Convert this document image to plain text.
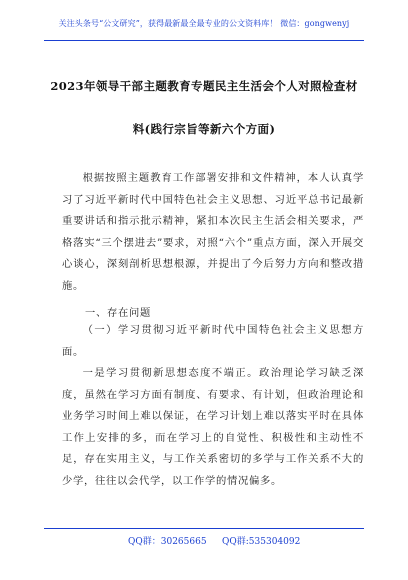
关注头条号“公文研究”，获得最新最全最专业的公文资料库！ 微信：gongwenyj
2023年领导干部主题教育专题民主生活会个人对照检查材
料(践行宗旨等新六个方面)

根据按照主题教育工作部署安排和文件精神，本人认真学习了习近平新时代中国特色社会主义思想、习近平总书记最新重要讲话和指示批示精神，紧扣本次民主生活会相关要求，严格落实“三个摆进去”要求，对照“六个”重点方面，深入开展交心谈心，深刻剖析思想根源，并提出了今后努力方向和整改措施。

一、存在问题

（一）学习贯彻习近平新时代中国特色社会主义思想方面。

一是学习贯彻新思想态度不端正。政治理论学习缺乏深度，虽然在学习方面有制度、有要求、有计划，但政治理论和业务学习时间上难以保证，在学习计划上难以落实平时在具体工作上安排的多，而在学习上的自觉性、积极性和主动性不足，存在实用主义，与工作关系密切的多学与工作关系不大的少学，往往以会代学，以工作学的情况偏多。

QQ群：30265665 QQ群:535304092
